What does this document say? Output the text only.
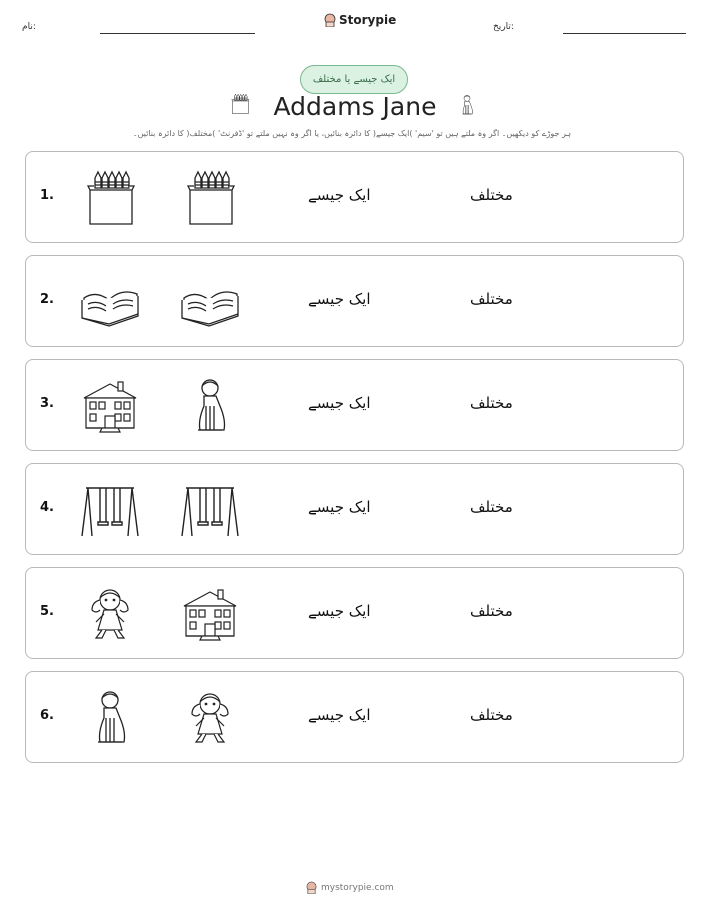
نام:	Storypie	تاریخ:
ایک جیسے یا مختلف
Addams Jane
ہر جوڑے کو دیکھیں۔ اگر وہ ملتے ہیں تو 'سیم' )ایک جیسے( کا دائرہ بنائیں، یا اگر وہ نہیں ملتے تو 'ڈفرنٹ' )مختلف( کا دائرہ بنائیں۔
1.	ایک جیسے	مختلف
2.	ایک جیسے	مختلف
3.	ایک جیسے	مختلف
4.	ایک جیسے	مختلف
5.	ایک جیسے	مختلف
6.	ایک جیسے	مختلف
mystorypie.com
